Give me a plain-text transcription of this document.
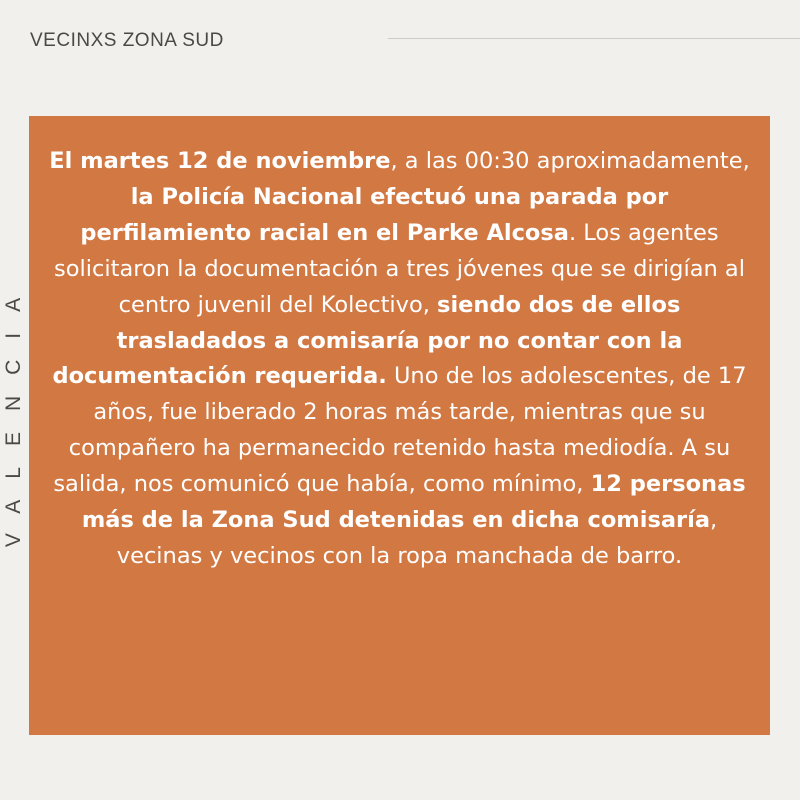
VECINXS ZONA SUD
VALENCIA

El martes 12 de noviembre, a las 00:30 aproximadamente, la Policía Nacional efectuó una parada por perfilamiento racial en el Parke Alcosa. Los agentes solicitaron la documentación a tres jóvenes que se dirigían al centro juvenil del Kolectivo, siendo dos de ellos trasladados a comisaría por no contar con la documentación requerida. Uno de los adolescentes, de 17 años, fue liberado 2 horas más tarde, mientras que su compañero ha permanecido retenido hasta mediodía. A su salida, nos comunicó que había, como mínimo, 12 personas más de la Zona Sud detenidas en dicha comisaría, vecinas y vecinos con la ropa manchada de barro.
